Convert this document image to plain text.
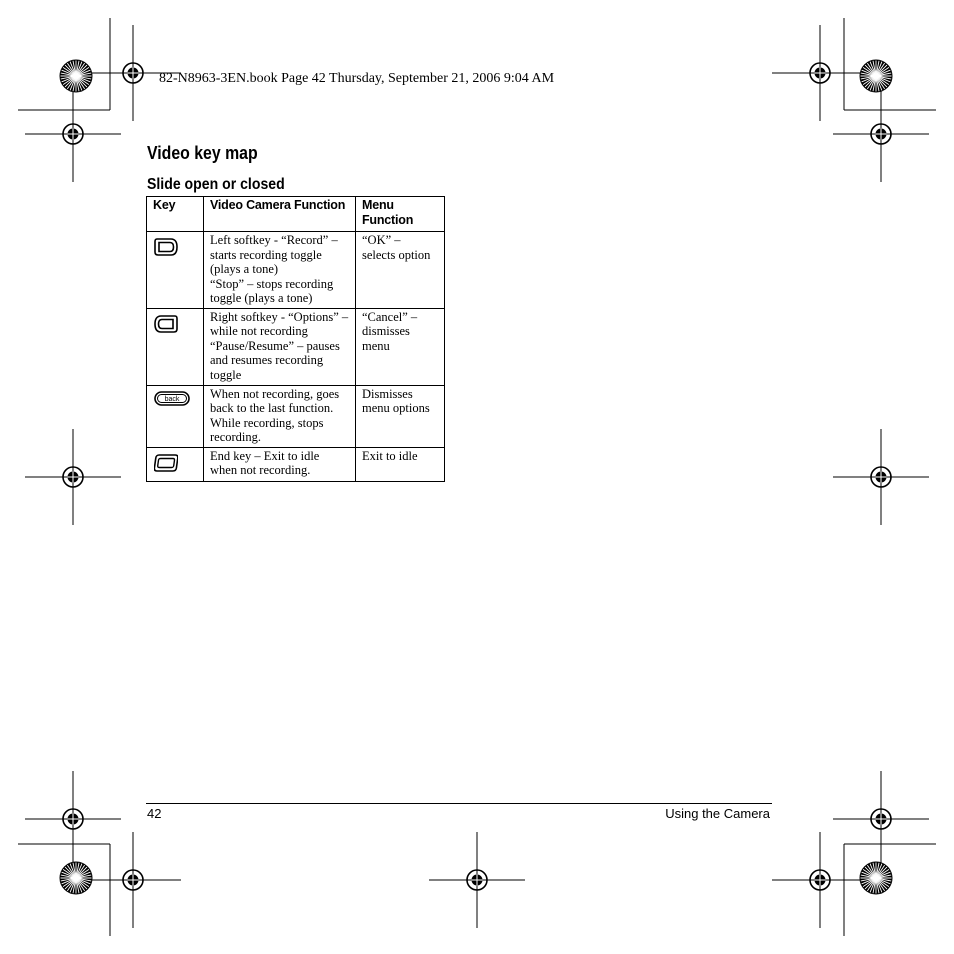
82-N8963-3EN.book Page 42 Thursday, September 21, 2006 9:04 AM
Video key map
Slide open or closed
Key	Video Camera Function	Menu
Function

	Left softkey - “Record” –
starts recording toggle
(plays a tone)
“Stop” – stops recording
toggle (plays a tone)	“OK” –
selects option

	Right softkey - “Options” –
while not recording
“Pause/Resume” – pauses
and resumes recording
toggle	“Cancel” –
dismisses
menu

back	When not recording, goes
back to the last function.
While recording, stops
recording.	Dismisses
menu options

	End key – Exit to idle
when not recording.	Exit to idle
42	Using the Camera
